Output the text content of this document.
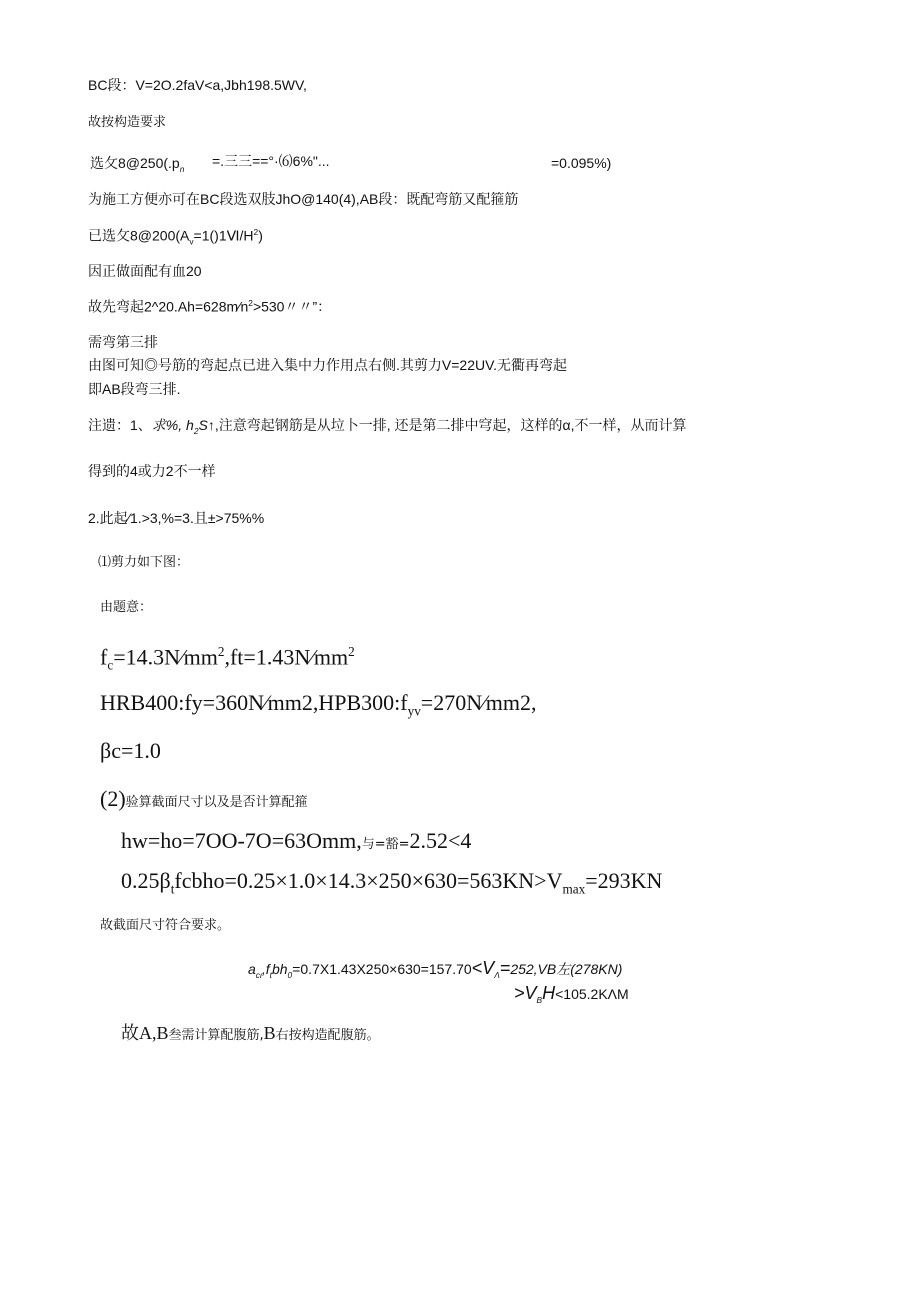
BC段：V=2O.2faV<a,Jbh198.5WV,
故按构造要求
选攵$8@250(.p_n$ =.三三==°·⑹6%"...	=0.095%)
为施工方便亦可在BC段选双肢JhO@140(4),AB段：既配弯筋又配箍筋
已选攵$8@200(A_v=1()1Ⅵ/H^2)$
因正做面配有血20
故先弯起$2\^{}20.Ah=628m⁄n^2>530$〃〃”：
需弯第三排
由图可知◎号筋的弯起点已进入集中力作用点右侧.其剪力V=22UV.无衢再弯起
即AB段弯三排.
注遗：1、求%, $h_2S↑$,注意弯起钢筋是从垃卜一排, 还是第二排中穹起，这样的α,不一样，从而计算
得到的4或力2不一样
2.此起⁄1.>3,%=3.且±>75%%
⑴剪力如下图：
由题意：
$f_c=14.3N⁄mm^2,ft=1.43N⁄mm^2$
$HRB400:fy=360N⁄mm2,HPB300:f_{yv}=270N⁄mm2$,
βc=1.0
(2)验算截面尺寸以及是否计算配箍
hw=ho=7OO-7O=63Omm,与=豁=2.52<4
$0.25\beta_tfcbho=0.25\times 1.0\times 14.3\times 250\times 630=563KN>V_{max}=293KN$
故截面尺寸符合要求。
$a_{c\iota},f_tbh_0=0.7X1.43X250\times 630=157.70<V_\Lambda=252,VB$左(278KN)
$>V_BH<105.2K\Lambda M$
故A,B叁需计算配腹筋,B右按构造配腹筋。
